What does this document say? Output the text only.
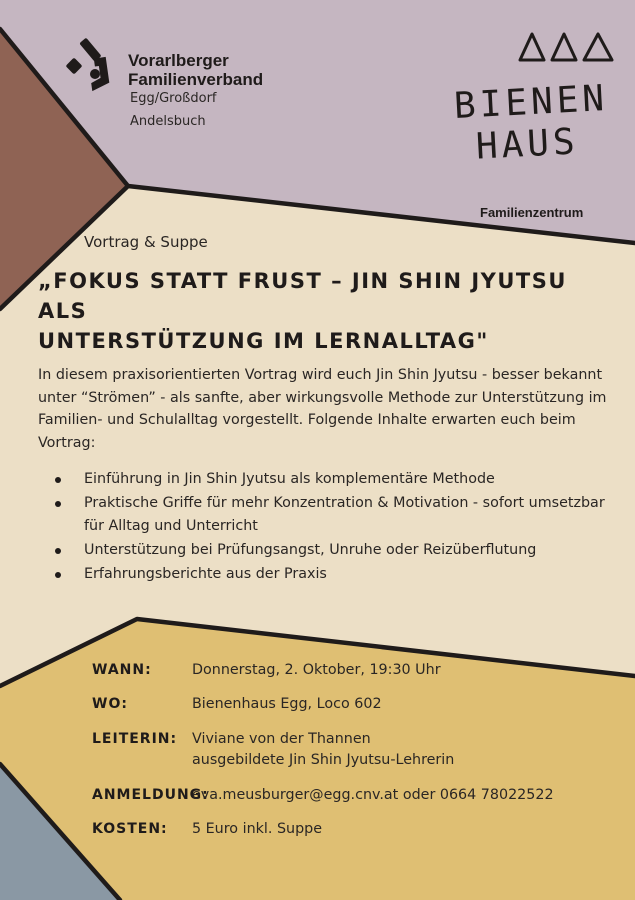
Vorarlberger
Familienverband
Egg/Großdorf
Andelsbuch	BIENEN
HAUS
Familienzentrum
Vortrag & Suppe
„FOKUS STATT FRUST – JIN SHIN JYUTSU ALS
UNTERSTÜTZUNG IM LERNALLTAG"

In diesem praxisorientierten Vortrag wird euch Jin Shin Jyutsu - besser bekannt unter “Strömen” - als sanfte, aber wirkungsvolle Methode zur Unterstützung im Familien- und Schulalltag vorgestellt. Folgende Inhalte erwarten euch beim Vortrag:

Einführung in Jin Shin Jyutsu als komplementäre Methode
Praktische Griffe für mehr Konzentration & Motivation - sofort umsetzbar für Alltag und Unterricht
Unterstützung bei Prüfungsangst, Unruhe oder Reizüberflutung
Erfahrungsberichte aus der Praxis
WANN:	Donnerstag, 2. Oktober, 19:30 Uhr
WO:	Bienenhaus Egg, Loco 602
LEITERIN: Viviane von der Thannen
ausgebildete Jin Shin Jyutsu-Lehrerin
ANMELDUNG:
eva.meusburger@egg.cnv.at oder 0664 78022522
KOSTEN: 5 Euro inkl. Suppe
